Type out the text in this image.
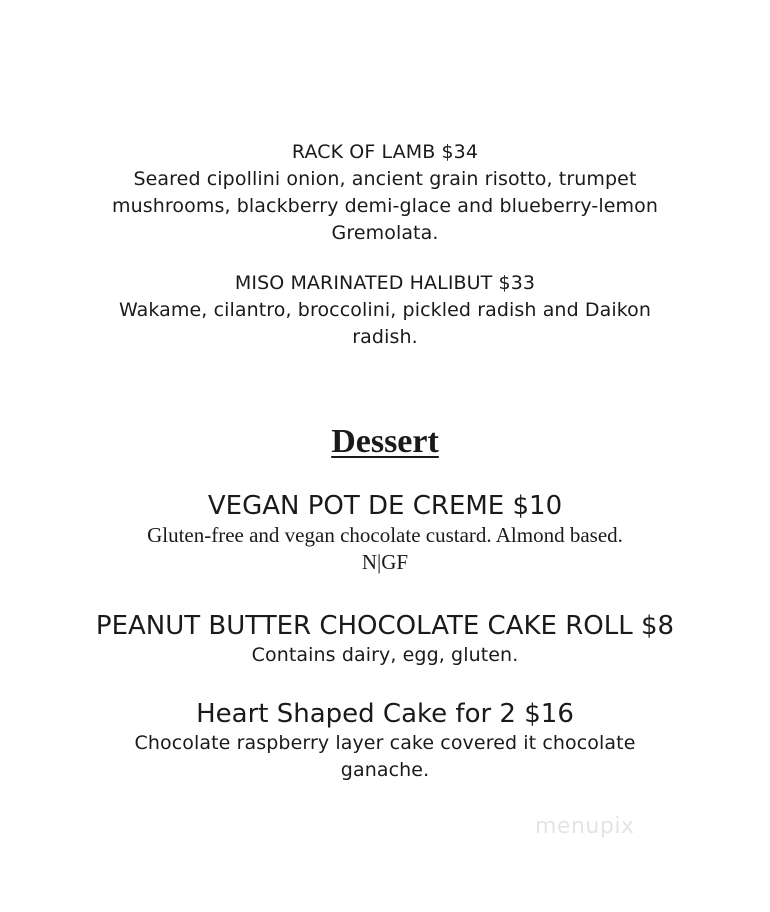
RACK OF LAMB $34
Seared cipollini onion, ancient grain risotto, trumpet
mushrooms, blackberry demi-glace and blueberry-lemon
Gremolata.
MISO MARINATED HALIBUT $33
Wakame, cilantro, broccolini, pickled radish and Daikon
radish.
Dessert
VEGAN POT DE CREME $10
Gluten-free and vegan chocolate custard. Almond based.
N|GF
PEANUT BUTTER CHOCOLATE CAKE ROLL $8
Contains dairy, egg, gluten.
Heart Shaped Cake for 2 $16
Chocolate raspberry layer cake covered it chocolate
ganache.
menupix
